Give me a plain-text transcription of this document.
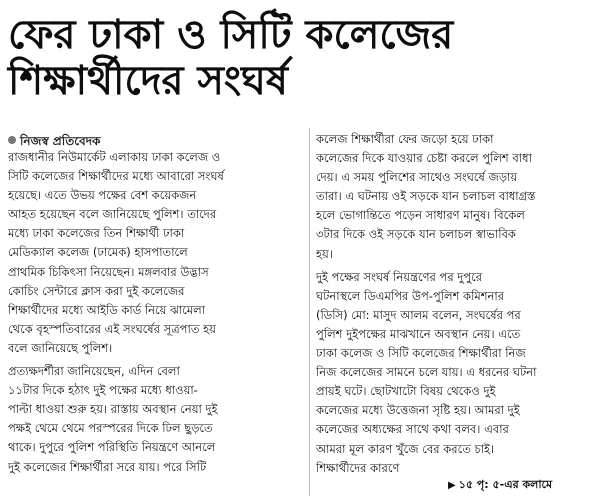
ফের ঢাকা ও সিটি কলেজের
শিক্ষার্থীদের সংঘর্ষ
নিজস্ব প্রতিবেদক
রাজধানীর নিউমার্কেট এলাকায় ঢাকা কলেজ ও
সিটি কলেজের শিক্ষার্থীদের মধ্যে আবারো সংঘর্ষ
হয়েছে। এতে উভয় পক্ষের বেশ কয়েকজন
আহত হয়েছেন বলে জানিয়েছে পুলিশ। তাদের
মধ্যে ঢাকা কলেজের তিন শিক্ষার্থী ঢাকা
মেডিক্যাল কলেজ (ঢামেক) হাসপাতালে
প্রাথমিক চিকিৎসা নিয়েছেন। মঙ্গলবার উদ্ভাস
কোচিং সেন্টারে ক্লাস করা দুই কলেজের
শিক্ষার্থীদের মধ্যে আইডি কার্ড নিয়ে ঝামেলা
থেকে বৃহস্পতিবারের এই সংঘর্ষের সূত্রপাত হয়
বলে জানিয়েছে পুলিশ।
প্রত্যক্ষদর্শীরা জানিয়েছেন, এদিন বেলা
১১টার দিকে হঠাৎ দুই পক্ষের মধ্যে ধাওয়া-
পাল্টা ধাওয়া শুরু হয়। রাস্তায় অবস্থান নেয়া দুই
পক্ষই থেমে থেমে পরস্পরের দিকে ঢিল ছুড়তে
থাকে। দুপুরে পুলিশ পরিস্থিতি নিয়ন্ত্রণে আনলে
দুই কলেজের শিক্ষার্থীরা সরে যায়। পরে সিটি
কলেজ শিক্ষার্থীরা ফের জড়ো হয়ে ঢাকা
কলেজের দিকে যাওয়ার চেষ্টা করলে পুলিশ বাধা
দেয়। এ সময় পুলিশের সাথেও সংঘর্ষে জড়ায়
তারা। এ ঘটনায় ওই সড়কে যান চলাচল বাধাগ্রস্ত
হলে ভোগান্তিতে পড়েন সাধারণ মানুষ। বিকেল
৩টার দিকে ওই সড়কে যান চলাচল স্বাভাবিক
হয়।
দুই পক্ষের সংঘর্ষ নিয়ন্ত্রণের পর দুপুরে
ঘটনাস্থলে ডিএমপির উপ-পুলিশ কমিশনার
(ডিসি) মো: মাসুদ আলম বলেন, সংঘর্ষের পর
পুলিশ দুইপক্ষের মাঝখানে অবস্থান নেয়। এতে
ঢাকা কলেজ ও সিটি কলেজের শিক্ষার্থীরা নিজ
নিজ কলেজের সামনে চলে যায়। এ ধরনের ঘটনা
প্রায়ই ঘটে। ছোটখাটো বিষয় থেকেও দুই
কলেজের মধ্যে উত্তেজনা সৃষ্টি হয়। আমরা দুই
কলেজের অধ্যক্ষের সাথে কথা বলব। এবার
আমরা মূল কারণ খুঁজে বের করতে চাই।
শিক্ষার্থীদের কারণে
▶ ১৫ পৃ: ৫-এর কলামে
